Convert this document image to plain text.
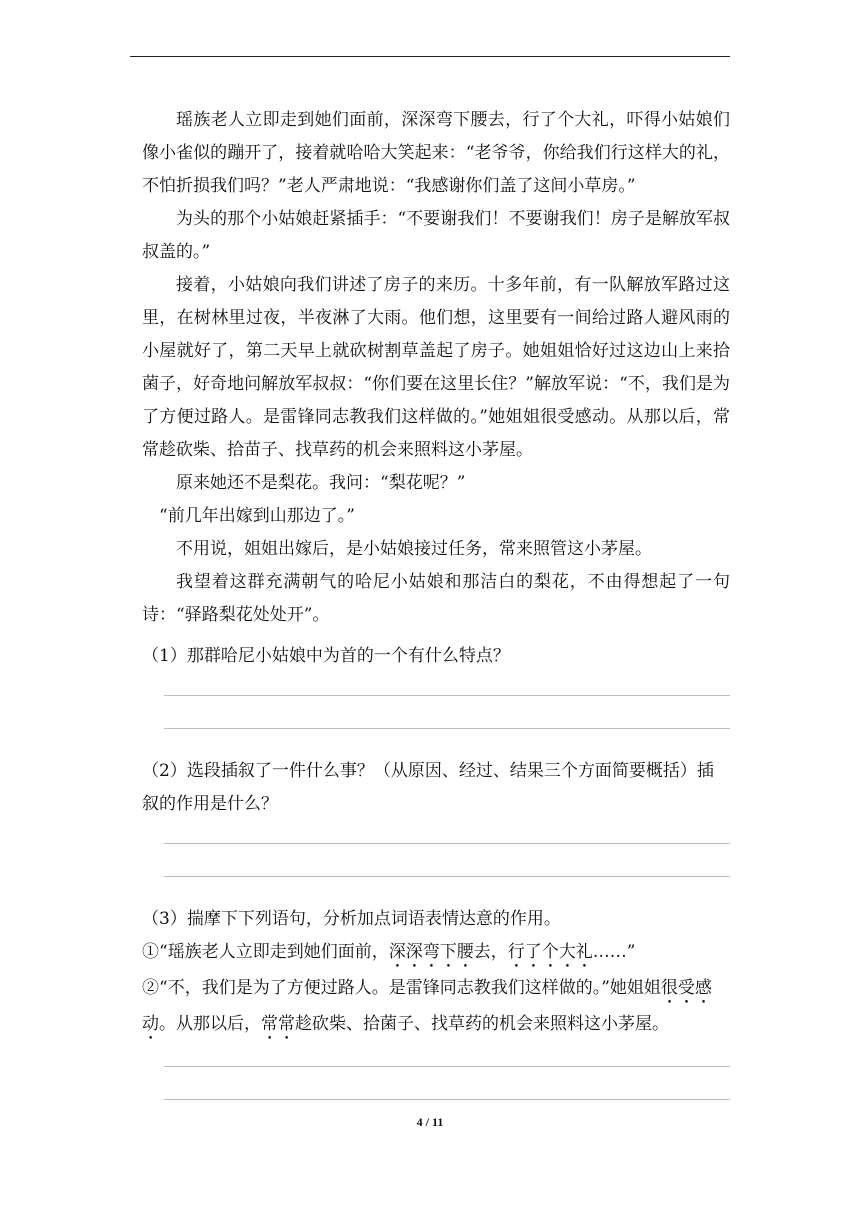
瑶族老人立即走到她们面前，深深弯下腰去，行了个大礼，吓得小姑娘们像小雀似的蹦开了，接着就哈哈大笑起来：“老爷爷，你给我们行这样大的礼，不怕折损我们吗？”老人严肃地说：“我感谢你们盖了这间小草房。”

为头的那个小姑娘赶紧插手：“不要谢我们！不要谢我们！房子是解放军叔叔盖的。”

接着，小姑娘向我们讲述了房子的来历。十多年前，有一队解放军路过这里，在树林里过夜，半夜淋了大雨。他们想，这里要有一间给过路人避风雨的小屋就好了，第二天早上就砍树割草盖起了房子。她姐姐恰好过这边山上来拾菌子，好奇地问解放军叔叔：“你们要在这里长住？”解放军说：“不，我们是为了方便过路人。是雷锋同志教我们这样做的。”她姐姐很受感动。从那以后，常常趁砍柴、拾苗子、找草药的机会来照料这小茅屋。

原来她还不是梨花。我问：“梨花呢？”

“前几年出嫁到山那边了。”

不用说，姐姐出嫁后，是小姑娘接过任务，常来照管这小茅屋。

我望着这群充满朝气的哈尼小姑娘和那洁白的梨花，不由得想起了一句诗：“驿路梨花处处开”。

（1）那群哈尼小姑娘中为首的一个有什么特点？

（2）选段插叙了一件什么事？（从原因、经过、结果三个方面简要概括）插叙的作用是什么？

（3）揣摩下下列语句，分析加点词语表情达意的作用。

①“瑶族老人立即走到她们面前，深深弯下腰去，行了个大礼……”

②“不，我们是为了方便过路人。是雷锋同志教我们这样做的。”她姐姐很受感动。从那以后，常常趁砍柴、拾菌子、找草药的机会来照料这小茅屋。

4 / 11
